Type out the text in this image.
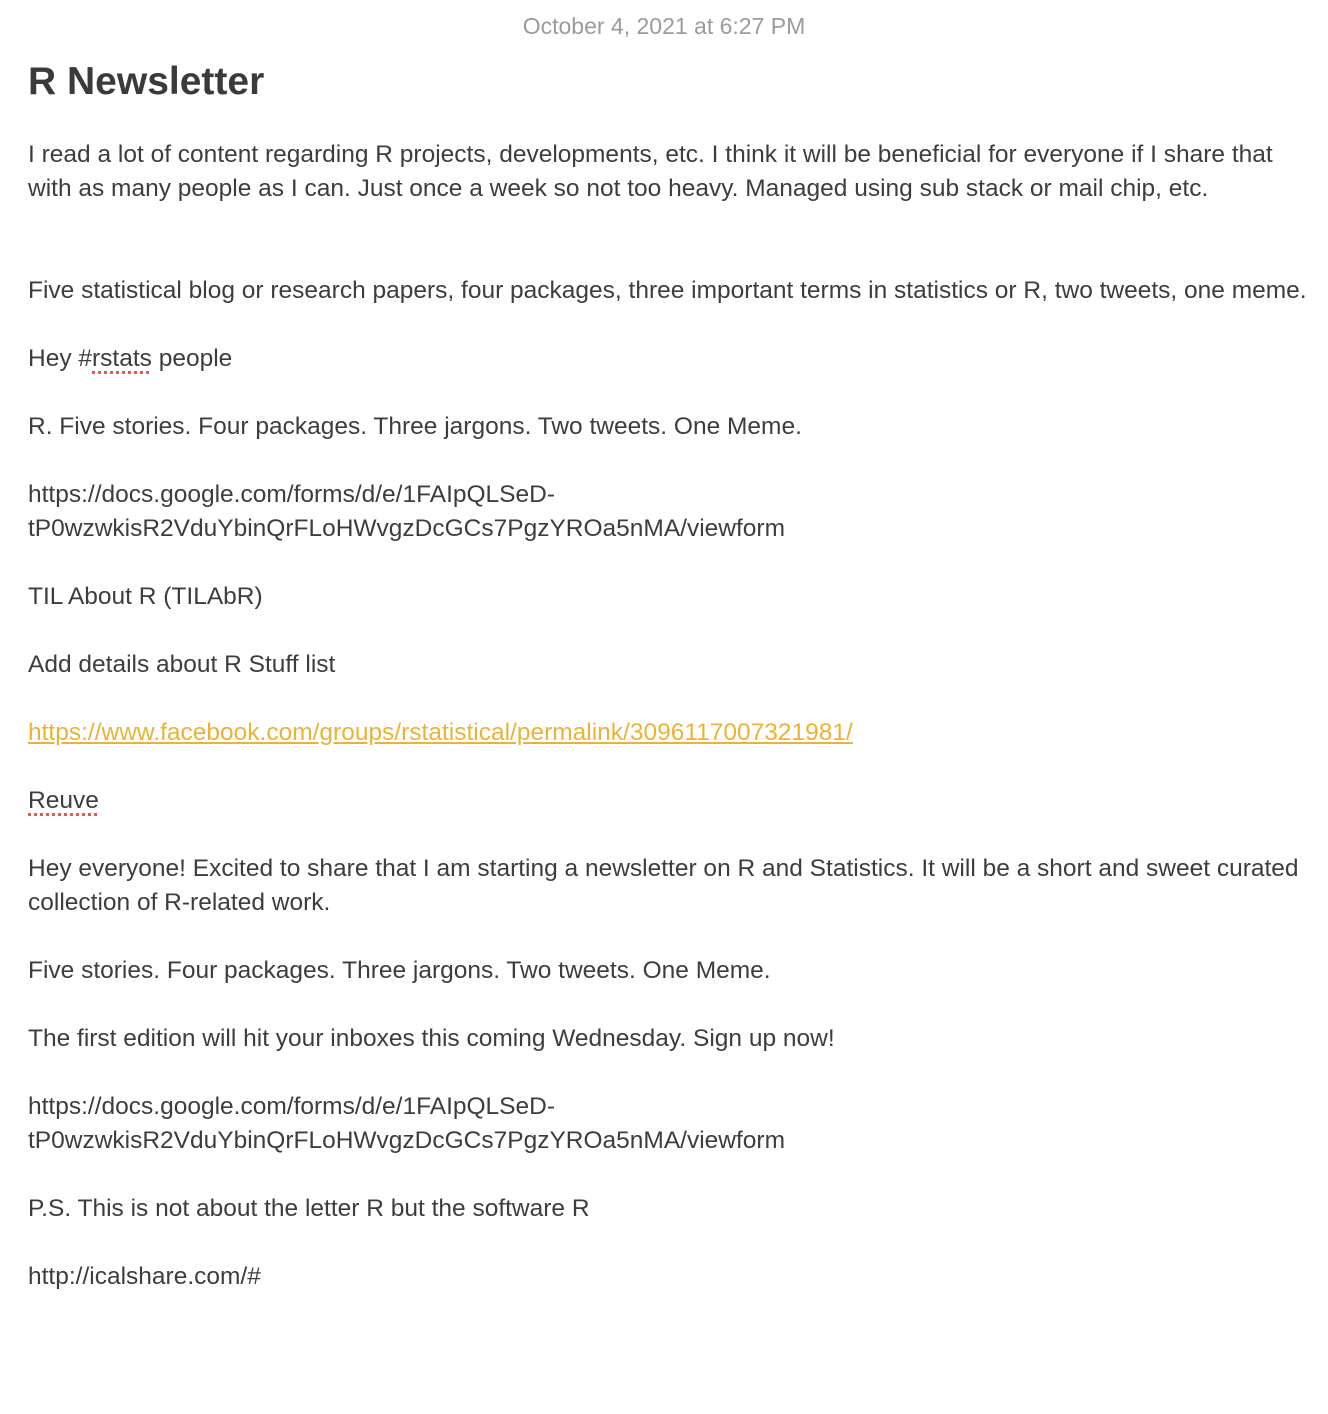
October 4, 2021 at 6:27 PM
R Newsletter

I read a lot of content regarding R projects, developments, etc. I think it will be beneficial for everyone if I share that with as many people as I can. Just once a week so not too heavy. Managed using sub stack or mail chip, etc.

Five statistical blog or research papers, four packages, three important terms in statistics or R, two tweets, one meme.

Hey #rstats people

R. Five stories. Four packages. Three jargons. Two tweets. One Meme.

https://docs.google.com/forms/d/e/1FAIpQLSeD-
tP0wzwkisR2VduYbinQrFLoHWvgzDcGCs7PgzYROa5nMA/viewform

TIL About R (TILAbR)

Add details about R Stuff list

https://www.facebook.com/groups/rstatistical/permalink/3096117007321981/

Reuve

Hey everyone! Excited to share that I am starting a newsletter on R and Statistics. It will be a short and sweet curated collection of R-related work.

Five stories. Four packages. Three jargons. Two tweets. One Meme.

The first edition will hit your inboxes this coming Wednesday. Sign up now!

https://docs.google.com/forms/d/e/1FAIpQLSeD-
tP0wzwkisR2VduYbinQrFLoHWvgzDcGCs7PgzYROa5nMA/viewform

P.S. This is not about the letter R but the software R

http://icalshare.com/#
